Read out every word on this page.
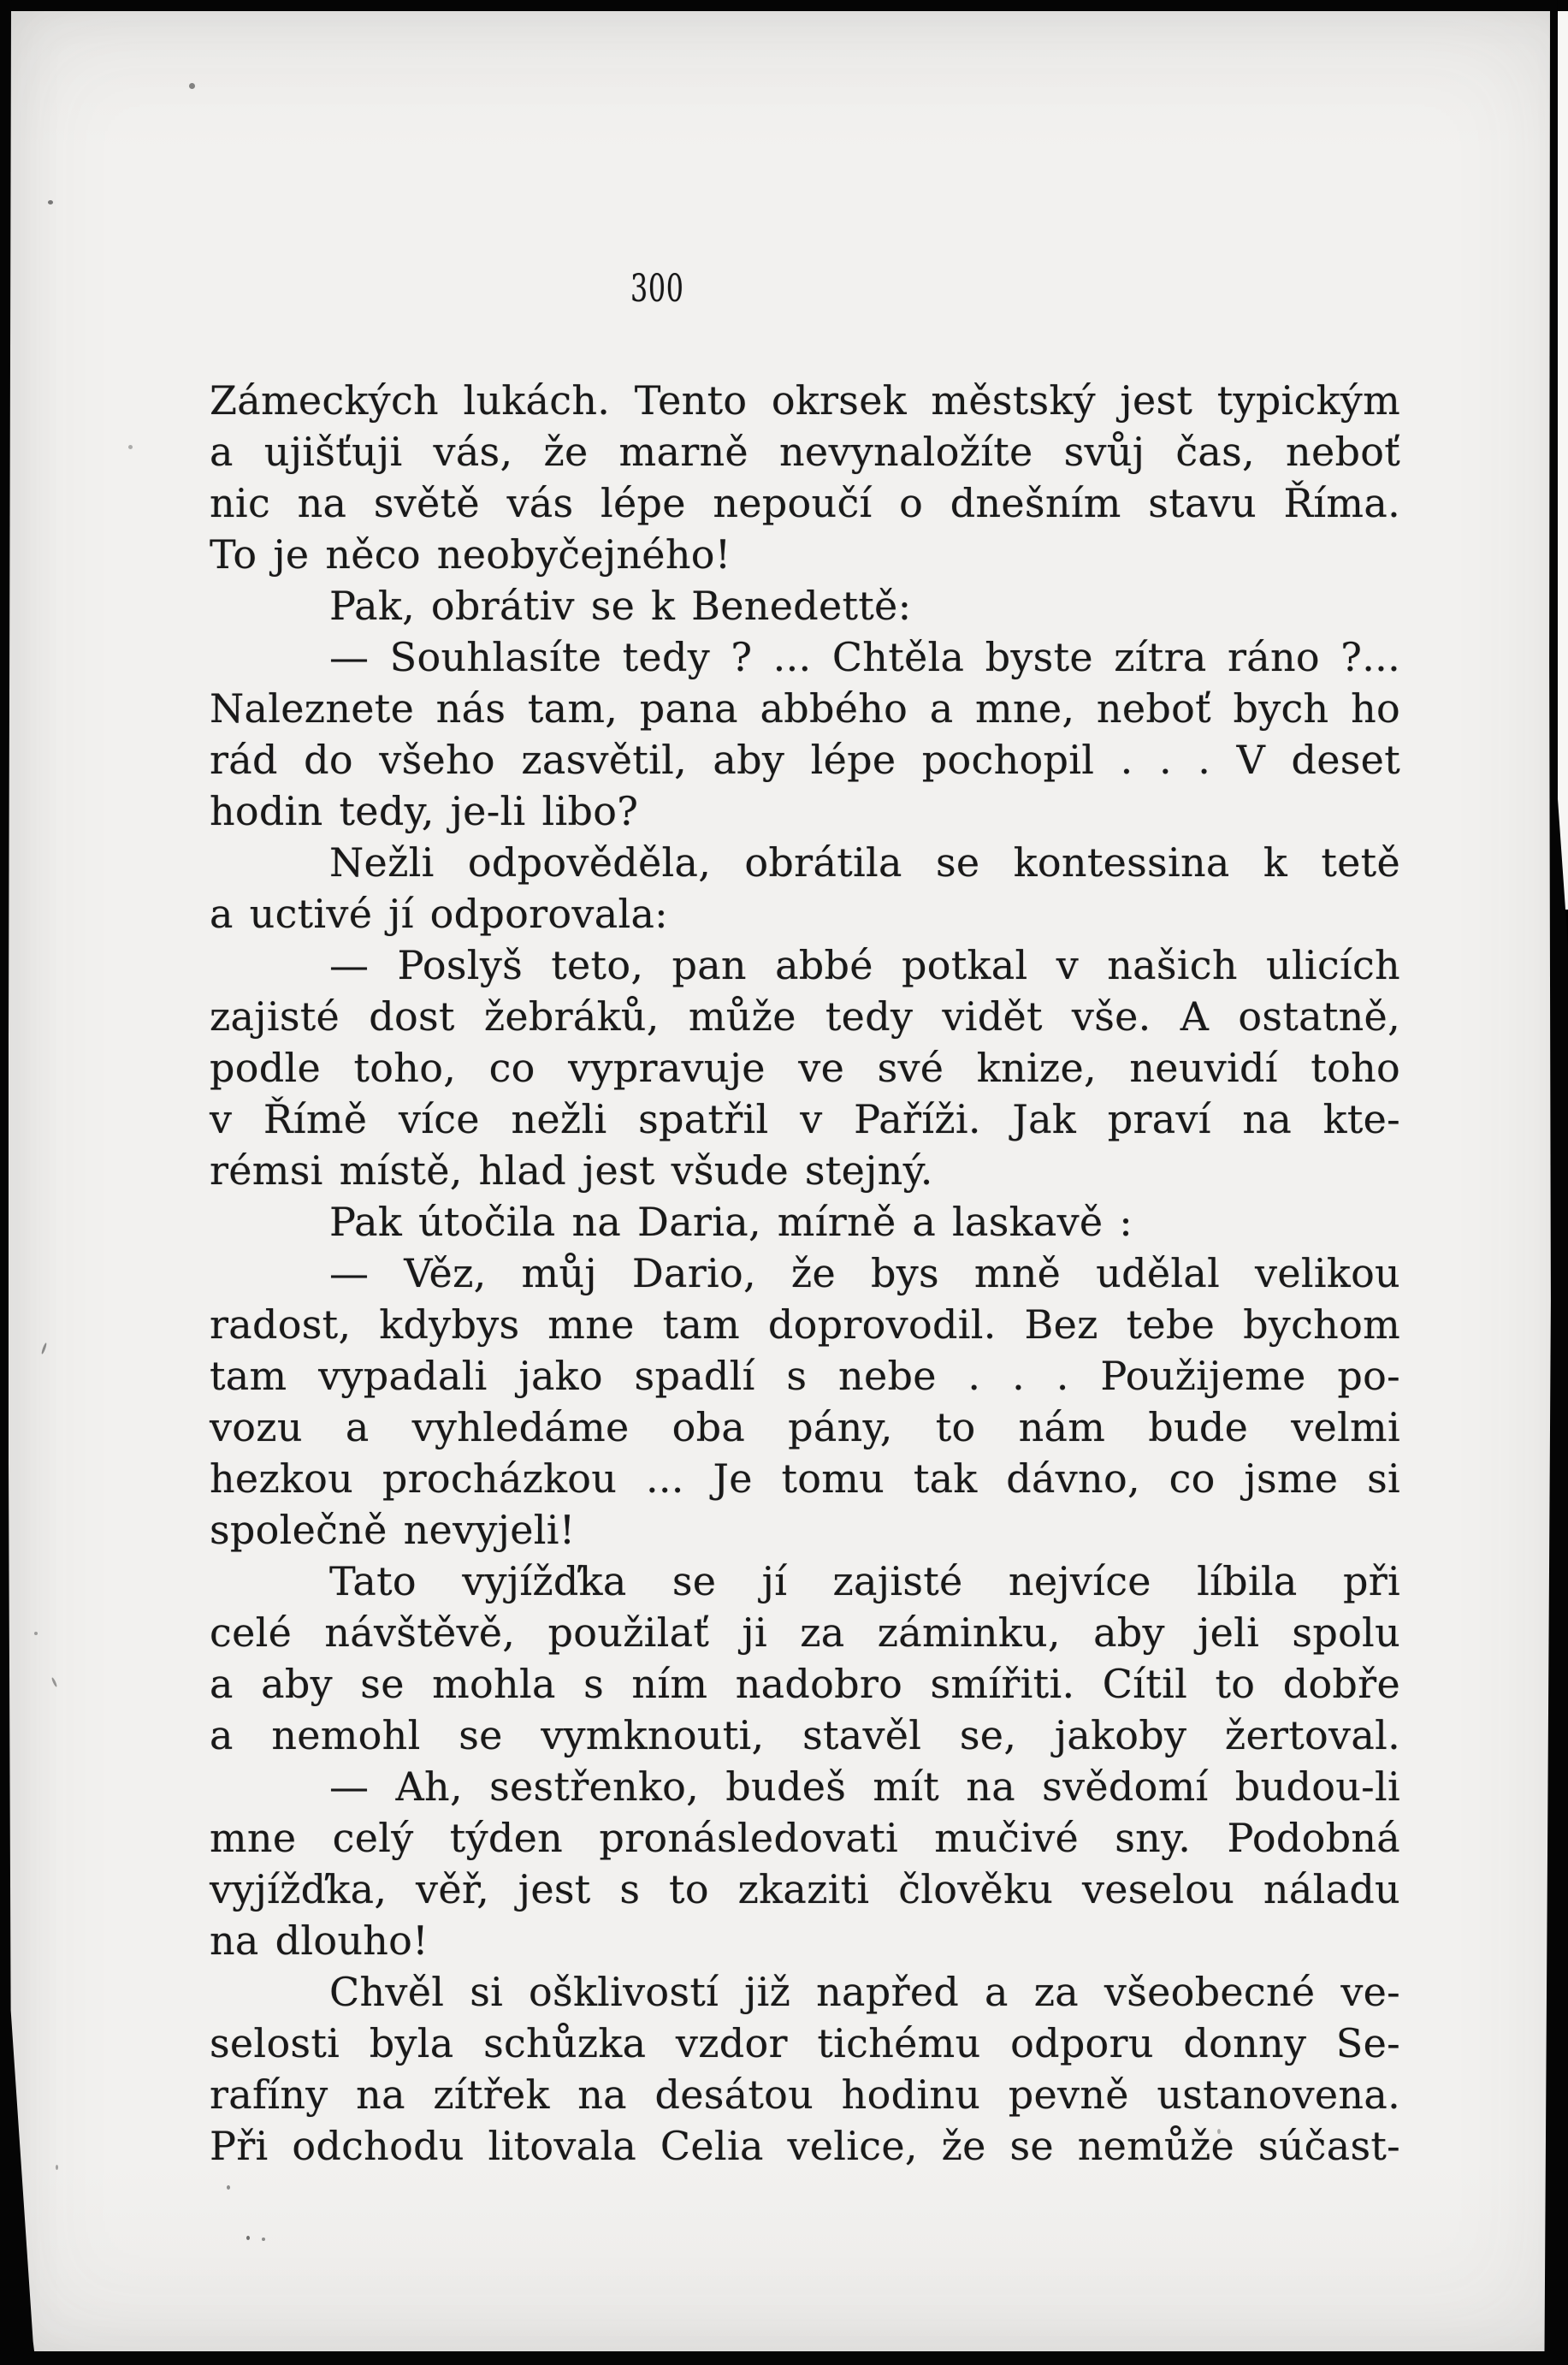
300
Zámeckých lukách. Tento okrsek městský jest typickým
a ujišťuji vás, že marně nevynaložíte svůj čas, neboť
nic na světě vás lépe nepoučí o dnešním stavu Říma.
To je něco neobyčejného!
Pak, obrátiv se k Benedettě:
— Souhlasíte tedy ? ... Chtěla byste zítra ráno ?...
Naleznete nás tam, pana abbého a mne, neboť bych ho
rád do všeho zasvětil, aby lépe pochopil . . . V deset
hodin tedy, je-li libo?
Nežli odpověděla, obrátila se kontessina k tetě
a uctivé jí odporovala:
— Poslyš teto, pan abbé potkal v našich ulicích
zajisté dost žebráků, může tedy vidět vše. A ostatně,
podle toho, co vypravuje ve své knize, neuvidí toho
v Římě více nežli spatřil v Paříži. Jak praví na kte-
rémsi místě, hlad jest všude stejný.
Pak útočila na Daria, mírně a laskavě :
— Věz, můj Dario, že bys mně udělal velikou
radost, kdybys mne tam doprovodil. Bez tebe bychom
tam vypadali jako spadlí s nebe . . . Použijeme po-
vozu a vyhledáme oba pány, to nám bude velmi
hezkou procházkou ... Je tomu tak dávno, co jsme si
společně nevyjeli!
Tato vyjížďka se jí zajisté nejvíce líbila při
celé návštěvě, použilať ji za záminku, aby jeli spolu
a aby se mohla s ním nadobro smířiti. Cítil to dobře
a nemohl se vymknouti, stavěl se, jakoby žertoval.
— Ah, sestřenko, budeš mít na svědomí budou-li
mne celý týden pronásledovati mučivé sny. Podobná
vyjížďka, věř, jest s to zkaziti člověku veselou náladu
na dlouho!
Chvěl si ošklivostí již napřed a za všeobecné ve-
selosti byla schůzka vzdor tichému odporu donny Se-
rafíny na zítřek na desátou hodinu pevně ustanovena.
Při odchodu litovala Celia velice, že se nemůže súčast-
